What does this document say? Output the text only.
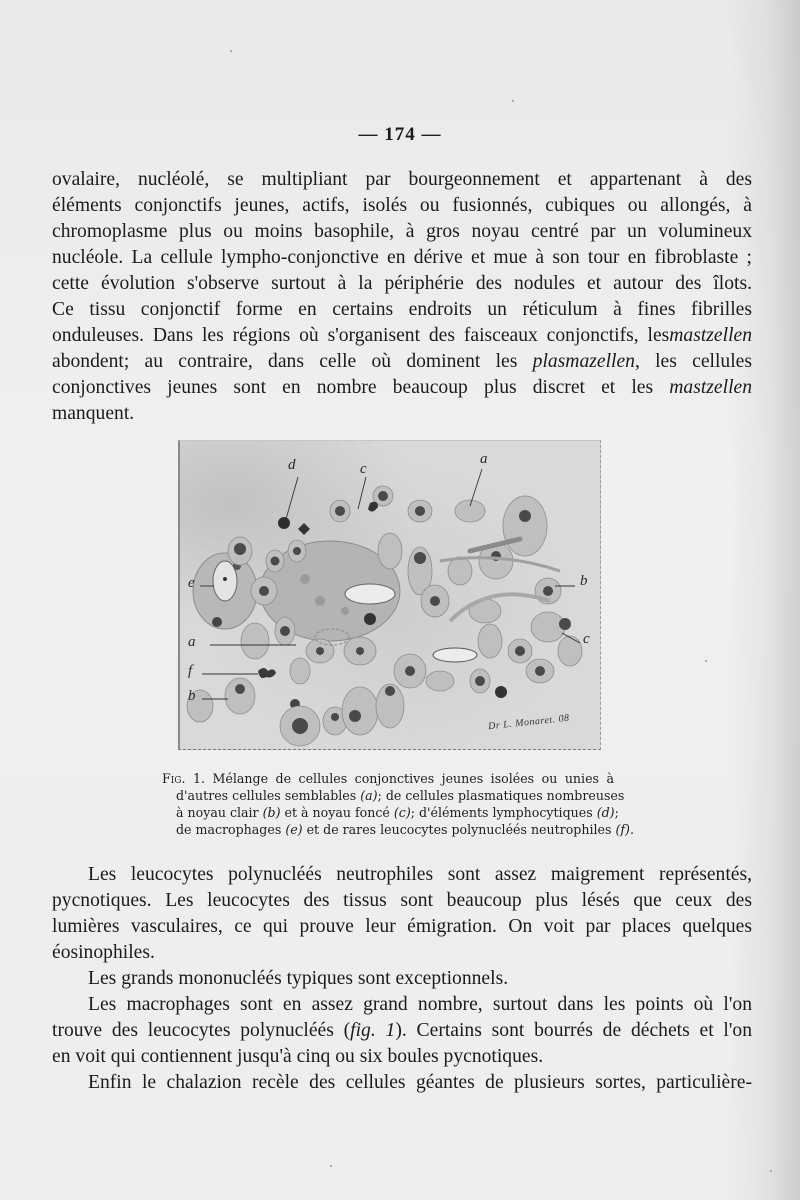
— 174 —
ovalaire, nucléolé, se multipliant par bourgeonnement et appartenant à des
éléments conjonctifs jeunes, actifs, isolés ou fusionnés, cubiques ou allongés, à
chromoplasme plus ou moins basophile, à gros noyau centré par un volumineux
nucléole. La cellule lympho-conjonctive en dérive et mue à son tour en fibroblaste ;
cette évolution s'observe surtout à la périphérie des nodules et autour des îlots.
Ce tissu conjonctif forme en certains endroits un réticulum à fines fibrilles
onduleuses. Dans les régions où s'organisent des faisceaux conjonctifs, lesmastzellen
abondent; au contraire, dans celle où dominent les plasmazellen, les cellules
conjonctives jeunes sont en nombre beaucoup plus discret et les mastzellen
manquent.
d	c
a
e	b
c
a
f
b
Dr L. Monaret. 08
Fig. 1. Mélange de cellules conjonctives jeunes isolées ou unies à
d'autres cellules semblables (a); de cellules plasmatiques nombreuses
à noyau clair (b) et à noyau foncé (c); d'éléments lymphocytiques (d);
de macrophages (e) et de rares leucocytes polynucléés neutrophiles (f).
Les leucocytes polynucléés neutrophiles sont assez maigrement représentés,
pycnotiques. Les leucocytes des tissus sont beaucoup plus lésés que ceux des
lumières vasculaires, ce qui prouve leur émigration. On voit par places quelques
éosinophiles.
Les grands mononucléés typiques sont exceptionnels.
Les macrophages sont en assez grand nombre, surtout dans les points où l'on
trouve des leucocytes polynucléés (fig. 1). Certains sont bourrés de déchets et l'on
en voit qui contiennent jusqu'à cinq ou six boules pycnotiques.
Enfin le chalazion recèle des cellules géantes de plusieurs sortes, particulière-
